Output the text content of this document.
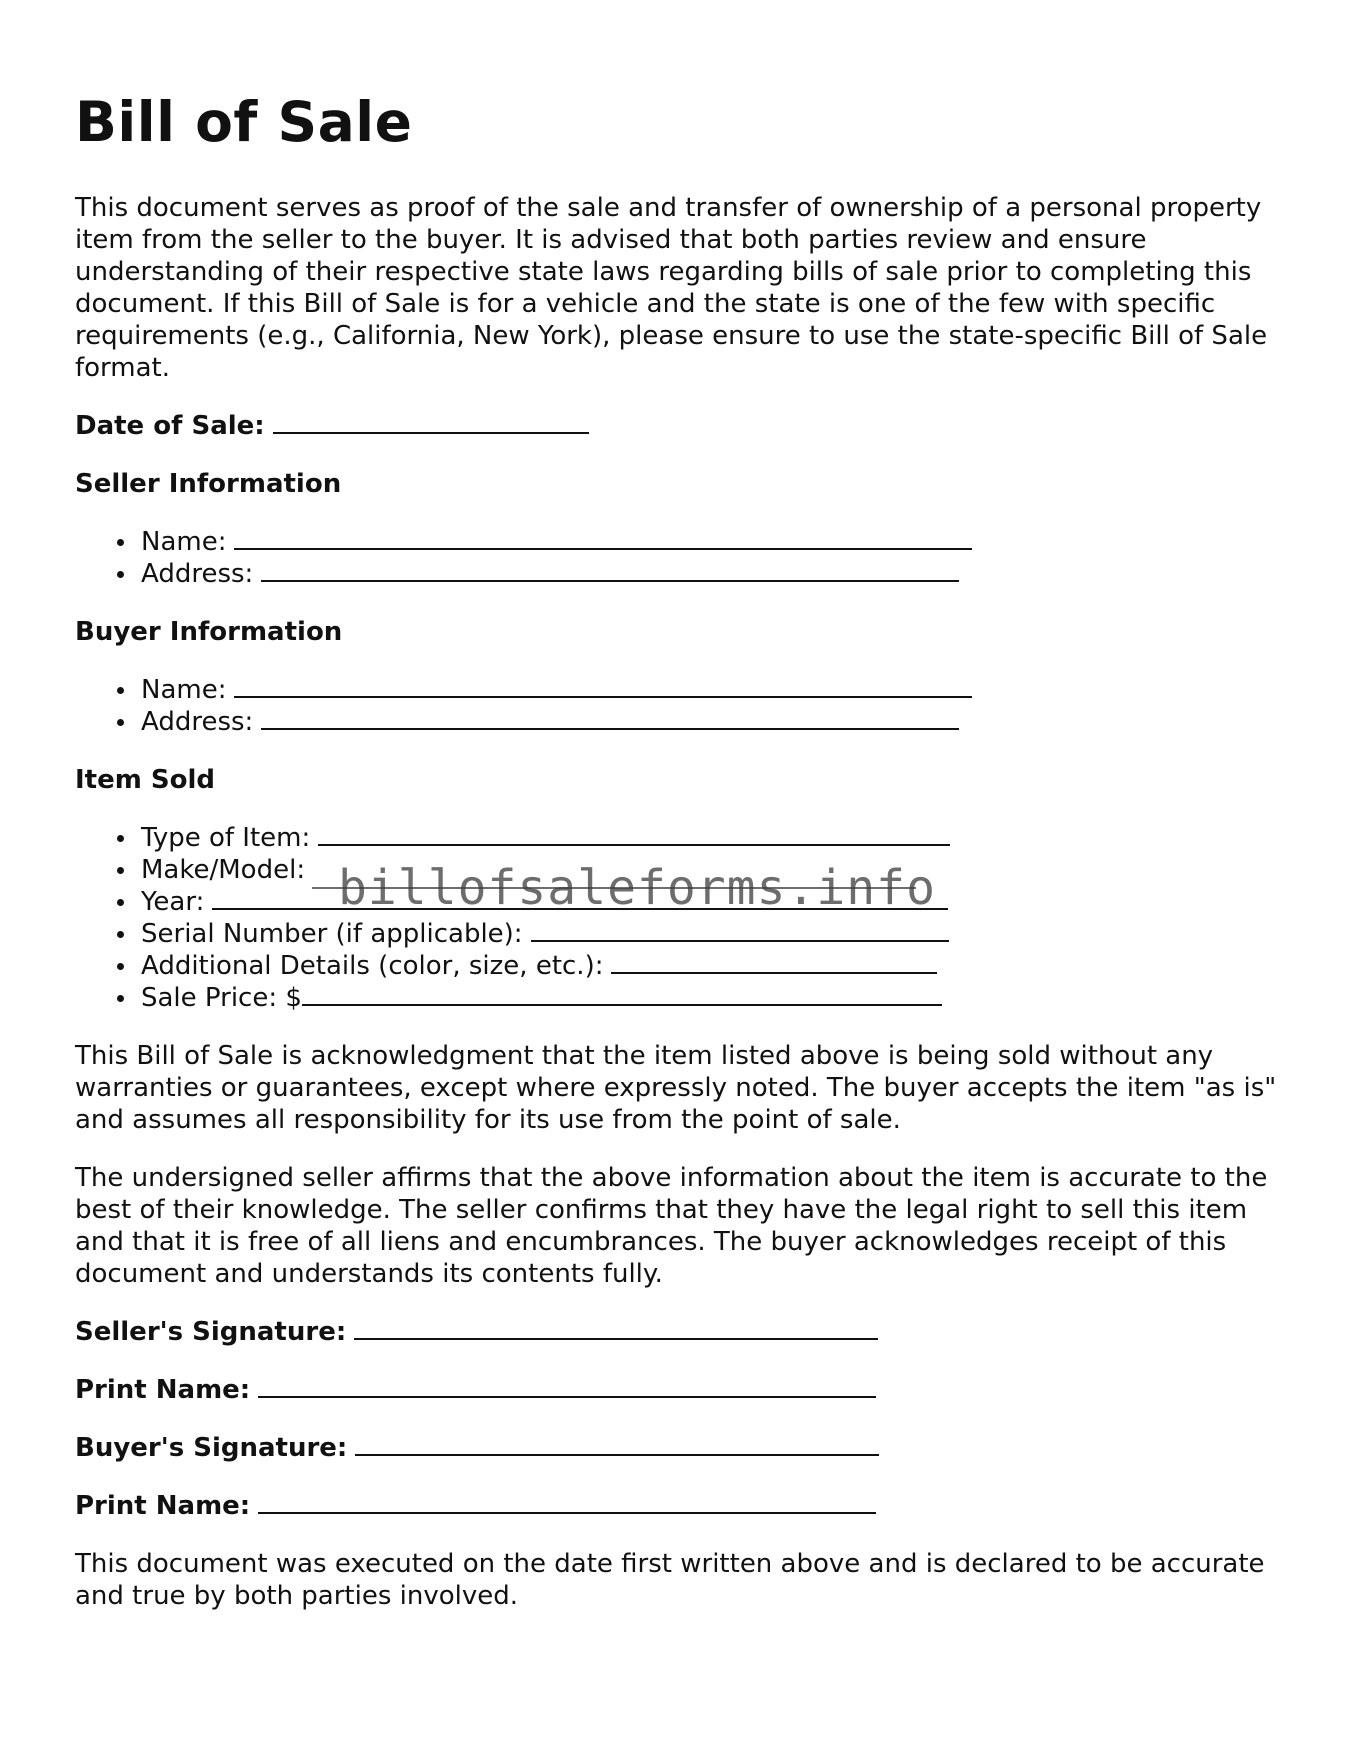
Bill of Sale

This document serves as proof of the sale and transfer of ownership of a personal property item from the seller to the buyer. It is advised that both parties review and ensure understanding of their respective state laws regarding bills of sale prior to completing this document. If this Bill of Sale is for a vehicle and the state is one of the few with specific requirements (e.g., California, New York), please ensure to use the state-specific Bill of Sale format.

Date of Sale:
Seller Information
Name:
Address:
Buyer Information
Name:
Address:
Item Sold
Type of Item:
Make/Model:
Year:
Serial Number (if applicable):
Additional Details (color, size, etc.):
Sale Price: $

This Bill of Sale is acknowledgment that the item listed above is being sold without any warranties or guarantees, except where expressly noted. The buyer accepts the item "as is" and assumes all responsibility for its use from the point of sale.

The undersigned seller affirms that the above information about the item is accurate to the best of their knowledge. The seller confirms that they have the legal right to sell this item and that it is free of all liens and encumbrances. The buyer acknowledges receipt of this document and understands its contents fully.

Seller's Signature:
Print Name:
Buyer's Signature:
Print Name:

This document was executed on the date first written above and is declared to be accurate and true by both parties involved.

billofsaleforms.info
